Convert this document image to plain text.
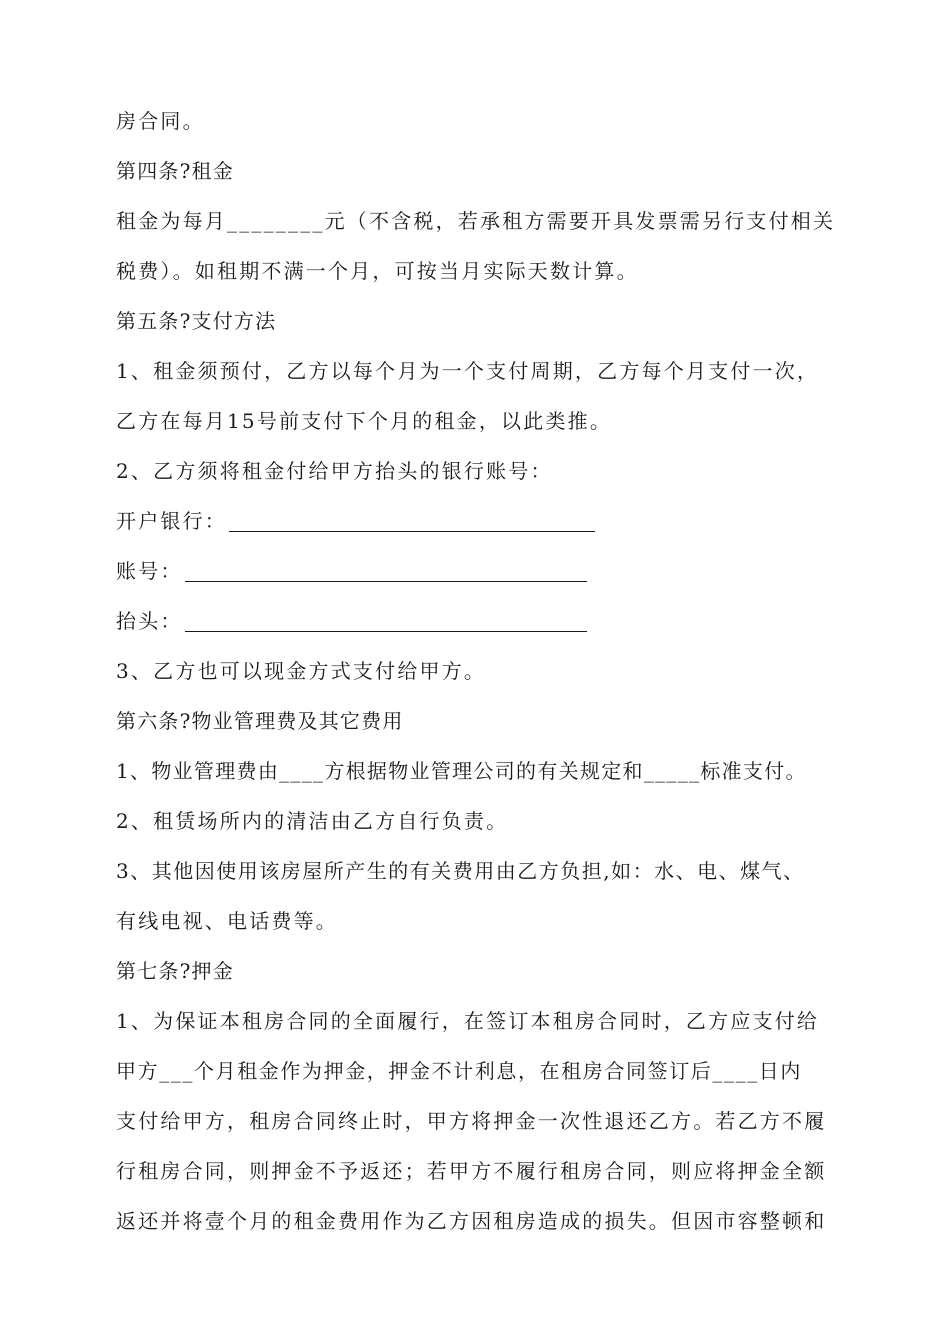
房合同。

第四条?租金

租金为每月________元（不含税，若承租方需要开具发票需另行支付相关

税费）。如租期不满一个月，可按当月实际天数计算。

第五条?支付方法

1、租金须预付，乙方以每个月为一个支付周期，乙方每个月支付一次，

乙方在每月15号前支付下个月的租金，以此类推。

2、乙方须将租金付给甲方抬头的银行账号：

开户银行：
账号：
抬头：

3、乙方也可以现金方式支付给甲方。

第六条?物业管理费及其它费用

1、物业管理费由____方根据物业管理公司的有关规定和_____标准支付。

2、租赁场所内的清洁由乙方自行负责。

3、其他因使用该房屋所产生的有关费用由乙方负担,如：水、电、煤气、

有线电视、电话费等。

第七条?押金

1、为保证本租房合同的全面履行，在签订本租房合同时，乙方应支付给

甲方___个月租金作为押金，押金不计利息，在租房合同签订后____日内

支付给甲方，租房合同终止时，甲方将押金一次性退还乙方。若乙方不履

行租房合同，则押金不予返还；若甲方不履行租房合同，则应将押金全额

返还并将壹个月的租金费用作为乙方因租房造成的损失。但因市容整顿和
